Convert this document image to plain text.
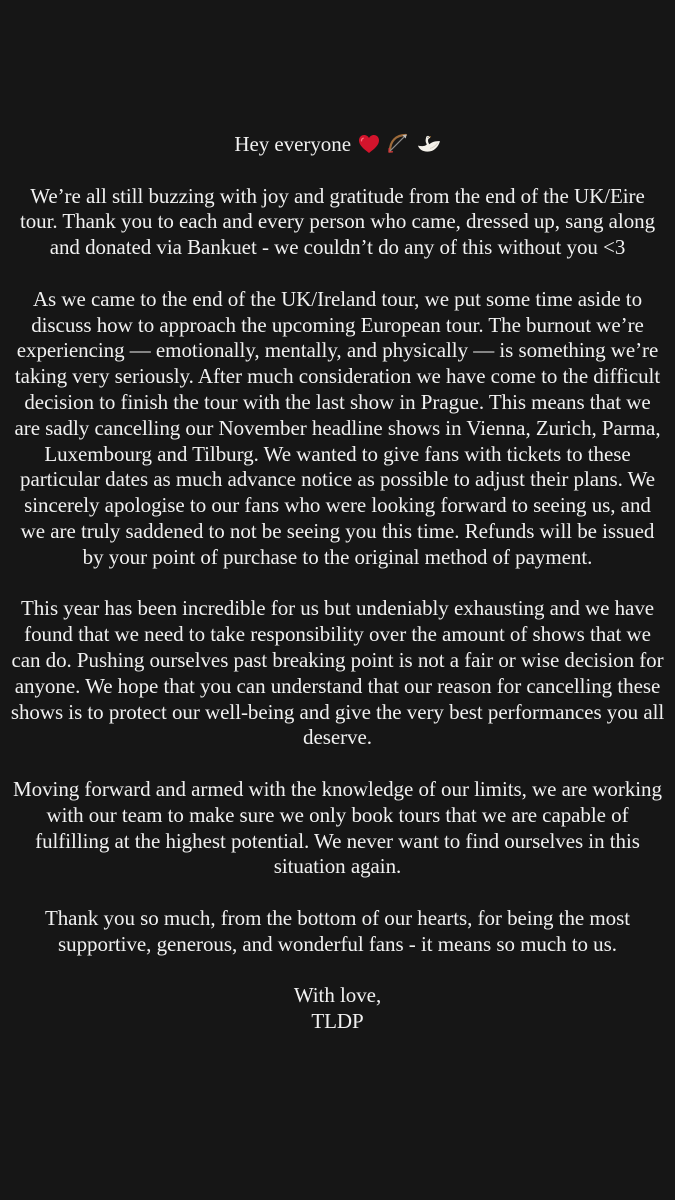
Hey everyone

We’re all still buzzing with joy and gratitude from the end of the UK/Eire tour. Thank you to each and every person who came, dressed up, sang along and donated via Bankuet - we couldn’t do any of this without you <3

As we came to the end of the UK/Ireland tour, we put some time aside to discuss how to approach the upcoming European tour. The burnout we’re experiencing — emotionally, mentally, and physically — is something we’re taking very seriously. After much consideration we have come to the difficult decision to finish the tour with the last show in Prague. This means that we are sadly cancelling our November headline shows in Vienna, Zurich, Parma, Luxembourg and Tilburg. We wanted to give fans with tickets to these particular dates as much advance notice as possible to adjust their plans. We sincerely apologise to our fans who were looking forward to seeing us, and we are truly saddened to not be seeing you this time. Refunds will be issued by your point of purchase to the original method of payment.

This year has been incredible for us but undeniably exhausting and we have found that we need to take responsibility over the amount of shows that we can do. Pushing ourselves past breaking point is not a fair or wise decision for anyone. We hope that you can understand that our reason for cancelling these shows is to protect our well-being and give the very best performances you all deserve.

Moving forward and armed with the knowledge of our limits, we are working with our team to make sure we only book tours that we are capable of fulfilling at the highest potential. We never want to find ourselves in this situation again.

Thank you so much, from the bottom of our hearts, for being the most supportive, generous, and wonderful fans - it means so much to us.

With love,
TLDP
